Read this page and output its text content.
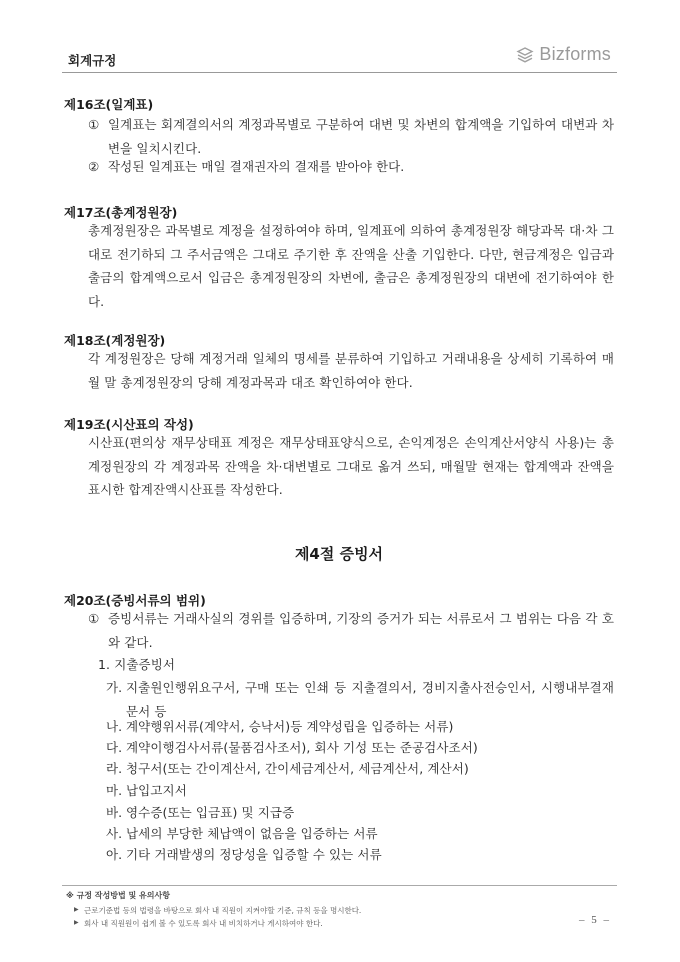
회계규정	Bizforms
제16조(일계표)
① 일계표는 회계결의서의 계정과목별로 구분하여 대변 및 차변의 합계액을 기입하여 대변과 차변을 일치시킨다.
② 작성된 일계표는 매일 결재권자의 결재를 받아야 한다.
제17조(총계정원장)
총계정원장은 과목별로 계정을 설정하여야 하며, 일계표에 의하여 총계정원장 해당과목 대·차 그대로 전기하되 그 주서금액은 그대로 주기한 후 잔액을 산출 기입한다. 다만, 현금계정은 입금과 출금의 합계액으로서 입금은 총계정원장의 차변에, 출금은 총계정원장의 대변에 전기하여야 한다.
제18조(계정원장)
각 계정원장은 당해 계정거래 일체의 명세를 분류하여 기입하고 거래내용을 상세히 기록하여 매월 말 총계정원장의 당해 계정과목과 대조 확인하여야 한다.
제19조(시산표의 작성)
시산표(편의상 재무상태표 계정은 재무상태표양식으로, 손익계정은 손익계산서양식 사용)는 총계정원장의 각 계정과목 잔액을 차·대변별로 그대로 옮겨 쓰되, 매월말 현재는 합계액과 잔액을 표시한 합계잔액시산표를 작성한다.
제4절 증빙서
제20조(증빙서류의 범위)
① 증빙서류는 거래사실의 경위를 입증하며, 기장의 증거가 되는 서류로서 그 범위는 다음 각 호와 같다.
1. 지출증빙서
가. 지출원인행위요구서, 구매 또는 인쇄 등 지출결의서, 경비지출사전승인서, 시행내부결재문서 등
나. 계약행위서류(계약서, 승낙서)등 계약성립을 입증하는 서류)
다. 계약이행검사서류(물품검사조서), 회사 기성 또는 준공검사조서)
라. 청구서(또는 간이계산서, 간이세금계산서, 세금계산서, 계산서)
마. 납입고지서
바. 영수증(또는 입금표) 및 지급증
사. 납세의 부당한 체납액이 없음을 입증하는 서류
아. 기타 거래발생의 정당성을 입증할 수 있는 서류
※ 규정 작성방법 및 유의사항
▶ 근로기준법 등의 법령을 바탕으로 회사 내 직원이 지켜야할 기준, 규칙 등을 명시한다.
▶ 회사 내 직원원이 쉽게 볼 수 있도록 회사 내 비치하거나 게시하여야 한다.	– 5 –
